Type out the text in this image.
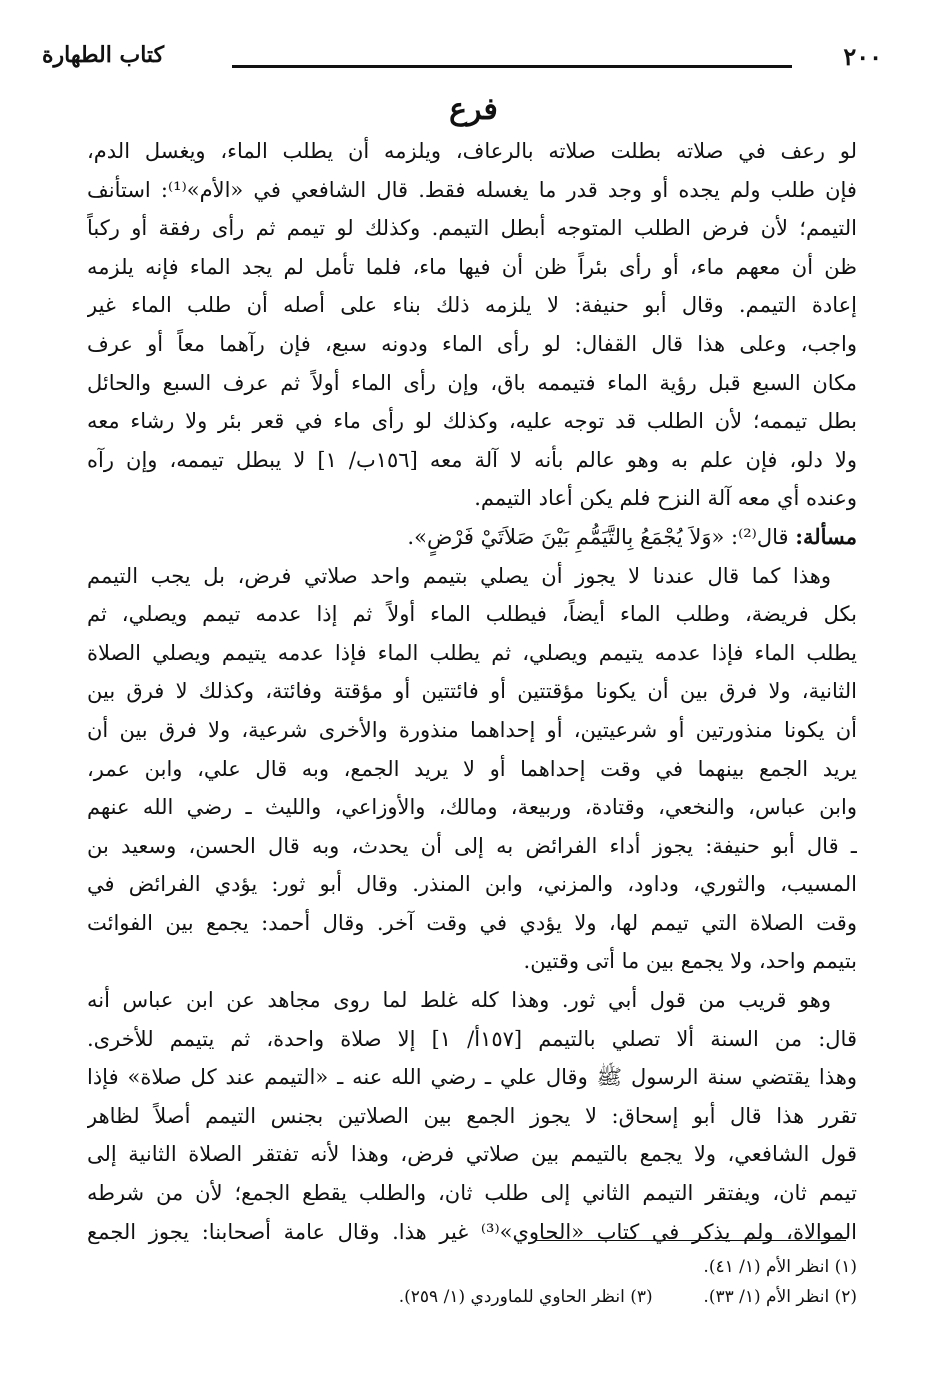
٢٠٠
كتاب الطهارة
فرع
لو رعف في صلاته بطلت صلاته بالرعاف، ويلزمه أن يطلب الماء، ويغسل الدم،
فإن طلب ولم يجده أو وجد قدر ما يغسله فقط. قال الشافعي في «الأم»⁽¹⁾: استأنف
التيمم؛ لأن فرض الطلب المتوجه أبطل التيمم. وكذلك لو تيمم ثم رأى رفقة أو ركباً
ظن أن معهم ماء، أو رأى بئراً ظن أن فيها ماء، فلما تأمل لم يجد الماء فإنه يلزمه
إعادة التيمم. وقال أبو حنيفة: لا يلزمه ذلك بناء على أصله أن طلب الماء غير
واجب، وعلى هذا قال القفال: لو رأى الماء ودونه سبع، فإن رآهما معاً أو عرف
مكان السبع قبل رؤية الماء فتيممه باق، وإن رأى الماء أولاً ثم عرف السبع والحائل
بطل تيممه؛ لأن الطلب قد توجه عليه، وكذلك لو رأى ماء في قعر بئر ولا رشاء معه
ولا دلو، فإن علم به وهو عالم بأنه لا آلة معه [١٥٦ب/ ١] لا يبطل تيممه، وإن رآه
وعنده أي معه آلة النزح فلم يكن أعاد التيمم.
مسألة: قال⁽²⁾: «وَلاَ يُجْمَعُ بِالتَّيَمُّمِ بَيْنَ صَلاَتَيْ فَرْضٍ».
وهذا كما قال عندنا لا يجوز أن يصلي بتيمم واحد صلاتي فرض، بل يجب التيمم
بكل فريضة، وطلب الماء أيضاً، فيطلب الماء أولاً ثم إذا عدمه تيمم ويصلي، ثم
يطلب الماء فإذا عدمه يتيمم ويصلي، ثم يطلب الماء فإذا عدمه يتيمم ويصلي الصلاة
الثانية، ولا فرق بين أن يكونا مؤقتتين أو فائتتين أو مؤقتة وفائتة، وكذلك لا فرق بين
أن يكونا منذورتين أو شرعيتين، أو إحداهما منذورة والأخرى شرعية، ولا فرق بين أن
يريد الجمع بينهما في وقت إحداهما أو لا يريد الجمع، وبه قال علي، وابن عمر،
وابن عباس، والنخعي، وقتادة، وربيعة، ومالك، والأوزاعي، والليث ـ رضي الله عنهم
ـ قال أبو حنيفة: يجوز أداء الفرائض به إلى أن يحدث، وبه قال الحسن، وسعيد بن
المسيب، والثوري، وداود، والمزني، وابن المنذر. وقال أبو ثور: يؤدي الفرائض في
وقت الصلاة التي تيمم لها، ولا يؤدي في وقت آخر. وقال أحمد: يجمع بين الفوائت
بتيمم واحد، ولا يجمع بين ما أتى وقتين.
وهو قريب من قول أبي ثور. وهذا كله غلط لما روى مجاهد عن ابن عباس أنه
قال: من السنة ألا تصلي بالتيمم [١٥٧أ/ ١] إلا صلاة واحدة، ثم يتيمم للأخرى.
وهذا يقتضي سنة الرسول ﷺ وقال علي ـ رضي الله عنه ـ «التيمم عند كل صلاة» فإذا
تقرر هذا قال أبو إسحاق: لا يجوز الجمع بين الصلاتين بجنس التيمم أصلاً لظاهر
قول الشافعي، ولا يجمع بالتيمم بين صلاتي فرض، وهذا لأنه تفتقر الصلاة الثانية إلى
تيمم ثان، ويفتقر التيمم الثاني إلى طلب ثان، والطلب يقطع الجمع؛ لأن من شرطه
الموالاة، ولم يذكر في كتاب «الحاوي»⁽³⁾ غير هذا. وقال عامة أصحابنا: يجوز الجمع
(١) انظر الأم (١/ ٤١).
(٢) انظر الأم (١/ ٣٣).  (٣) انظر الحاوي للماوردي (١/ ٢٥٩).
